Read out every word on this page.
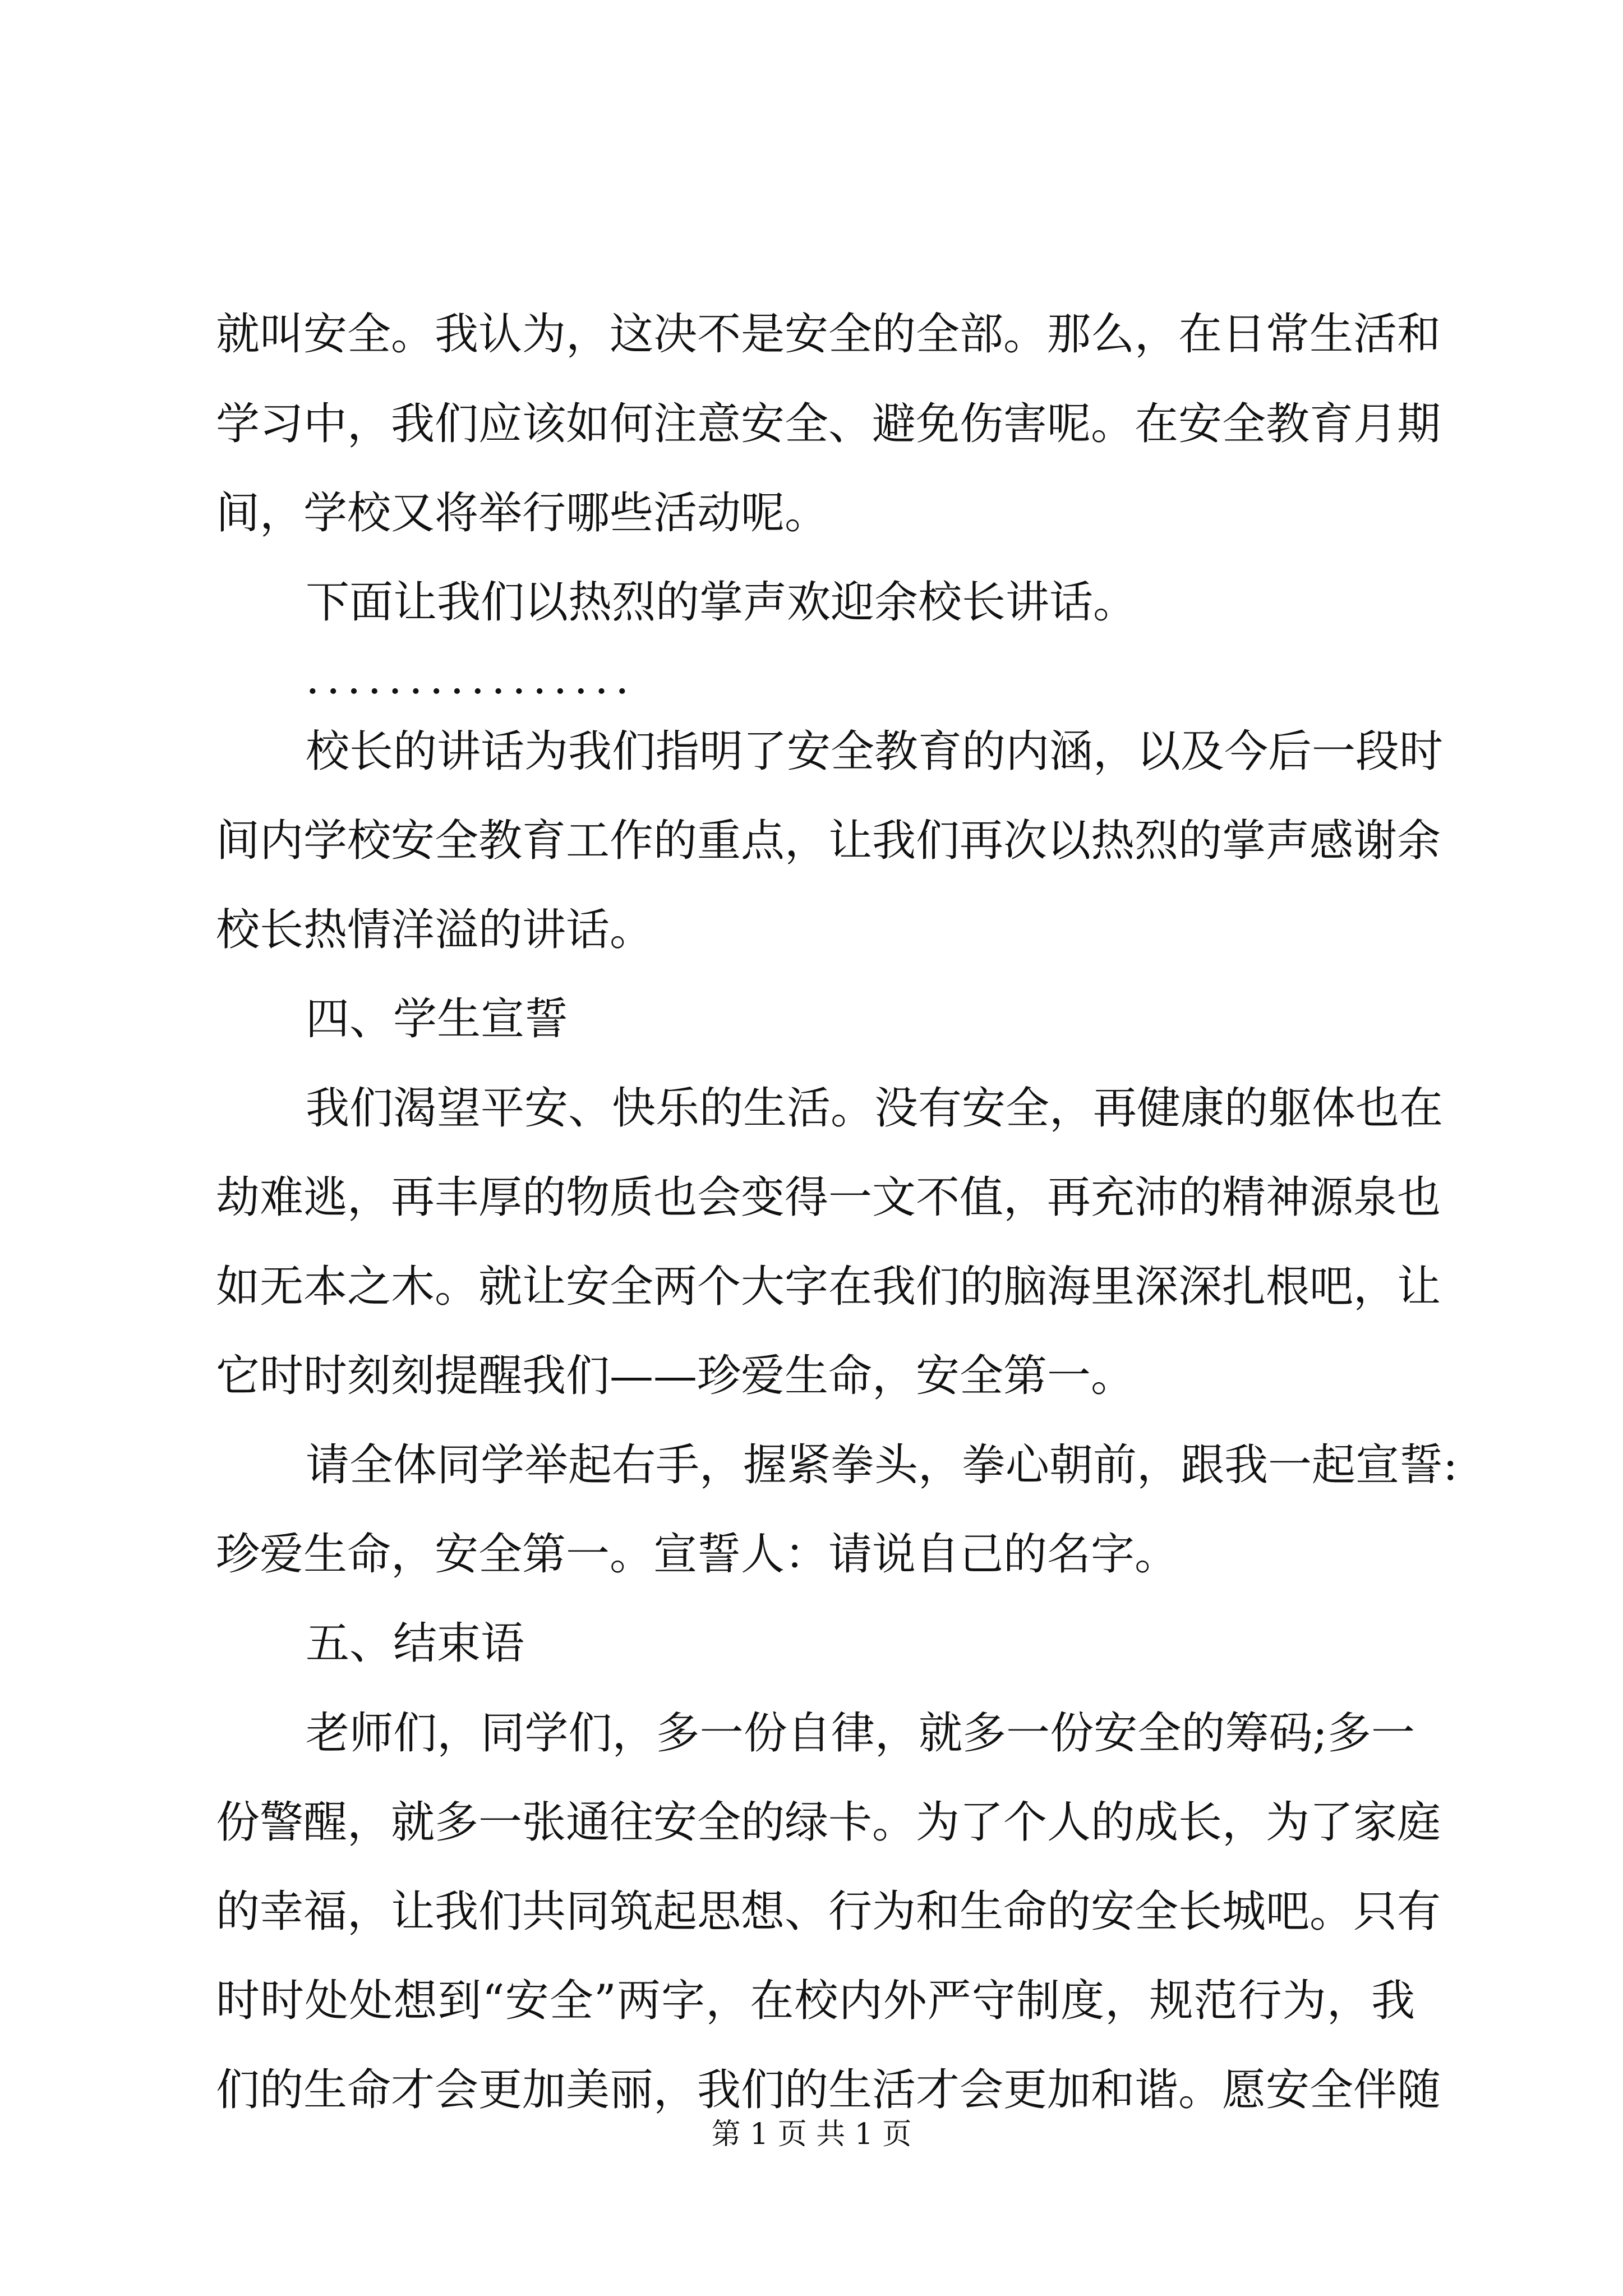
就叫安全。我认为，这决不是安全的全部。那么，在日常生活和
学习中，我们应该如何注意安全、避免伤害呢。在安全教育月期
间，学校又将举行哪些活动呢。
下面让我们以热烈的掌声欢迎余校长讲话。
................
校长的讲话为我们指明了安全教育的内涵，以及今后一段时
间内学校安全教育工作的重点，让我们再次以热烈的掌声感谢余
校长热情洋溢的讲话。
四、学生宣誓
我们渴望平安、快乐的生活。没有安全，再健康的躯体也在
劫难逃，再丰厚的物质也会变得一文不值，再充沛的精神源泉也
如无本之木。就让安全两个大字在我们的脑海里深深扎根吧，让
它时时刻刻提醒我们——珍爱生命，安全第一。
请全体同学举起右手，握紧拳头，拳心朝前，跟我一起宣誓:
珍爱生命，安全第一。宣誓人：请说自己的名字。
五、结束语
老师们，同学们，多一份自律，就多一份安全的筹码;多一
份警醒，就多一张通往安全的绿卡。为了个人的成长，为了家庭
的幸福，让我们共同筑起思想、行为和生命的安全长城吧。只有
时时处处想到“安全”两字，在校内外严守制度，规范行为，我
们的生命才会更加美丽，我们的生活才会更加和谐。愿安全伴随
第 1 页 共 1 页
